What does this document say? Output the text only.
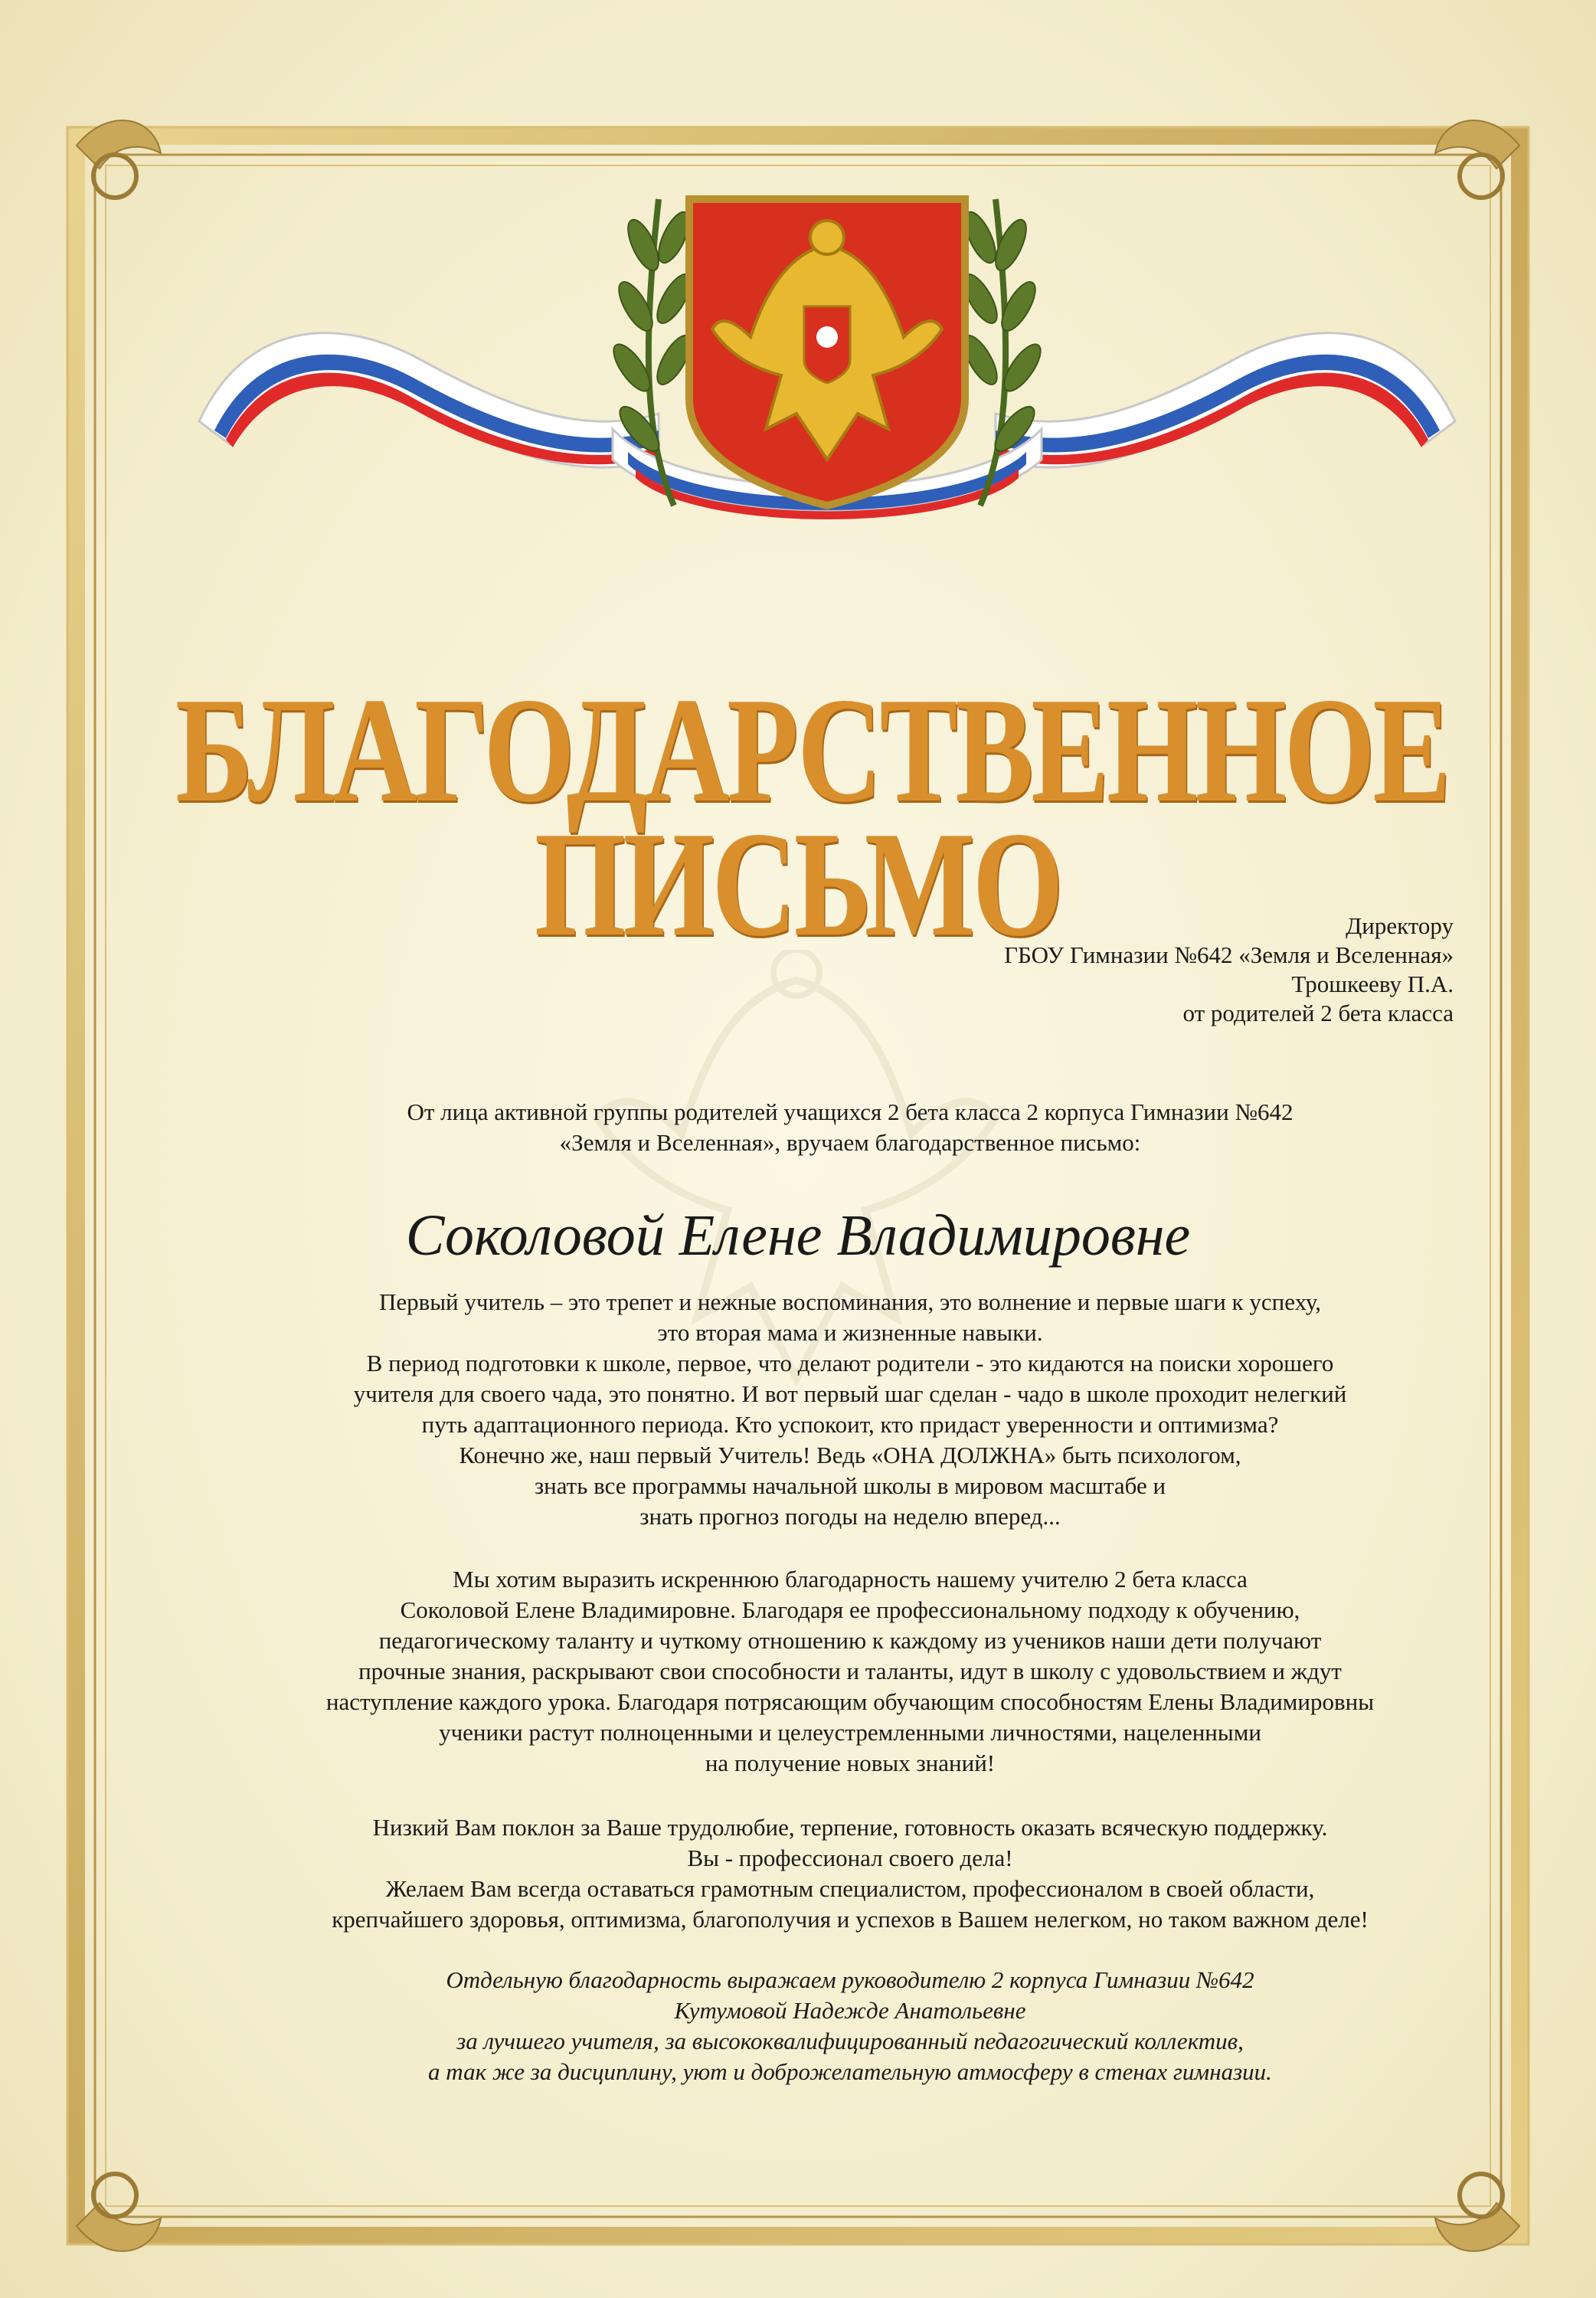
БЛАГОДАРСТВЕННОЕ
ПИСЬМО	Директору
ГБОУ Гимназии №642 «Земля и Вселенная»
Трошкееву П.А.
от родителей 2 бета класса
От лица активной группы родителей учащихся 2 бета класса 2 корпуса Гимназии №642
«Земля и Вселенная», вручаем благодарственное письмо:
Соколовой Елене Владимировне
Первый учитель – это трепет и нежные воспоминания, это волнение и первые шаги к успеху,
это вторая мама и жизненные навыки.
В период подготовки к школе, первое, что делают родители - это кидаются на поиски хорошего
учителя для своего чада, это понятно. И вот первый шаг сделан - чадо в школе проходит нелегкий
путь адаптационного периода. Кто успокоит, кто придаст уверенности и оптимизма?
Конечно же, наш первый Учитель! Ведь «ОНА ДОЛЖНА» быть психологом,
знать все программы начальной школы в мировом масштабе и
знать прогноз погоды на неделю вперед...
Мы хотим выразить искреннюю благодарность нашему учителю 2 бета класса
Соколовой Елене Владимировне. Благодаря ее профессиональному подходу к обучению,
педагогическому таланту и чуткому отношению к каждому из учеников наши дети получают
прочные знания, раскрывают свои способности и таланты, идут в школу с удовольствием и ждут
наступление каждого урока. Благодаря потрясающим обучающим способностям Елены Владимировны
ученики растут полноценными и целеустремленными личностями, нацеленными
на получение новых знаний!
Низкий Вам поклон за Ваше трудолюбие, терпение, готовность оказать всяческую поддержку.
Вы - профессионал своего дела!
Желаем Вам всегда оставаться грамотным специалистом, профессионалом в своей области,
крепчайшего здоровья, оптимизма, благополучия и успехов в Вашем нелегком, но таком важном деле!
Отдельную благодарность выражаем руководителю 2 корпуса Гимназии №642
Кутумовой Надежде Анатольевне
за лучшего учителя, за высококвалифицированный педагогический коллектив,
а так же за дисциплину, уют и доброжелательную атмосферу в стенах гимназии.
